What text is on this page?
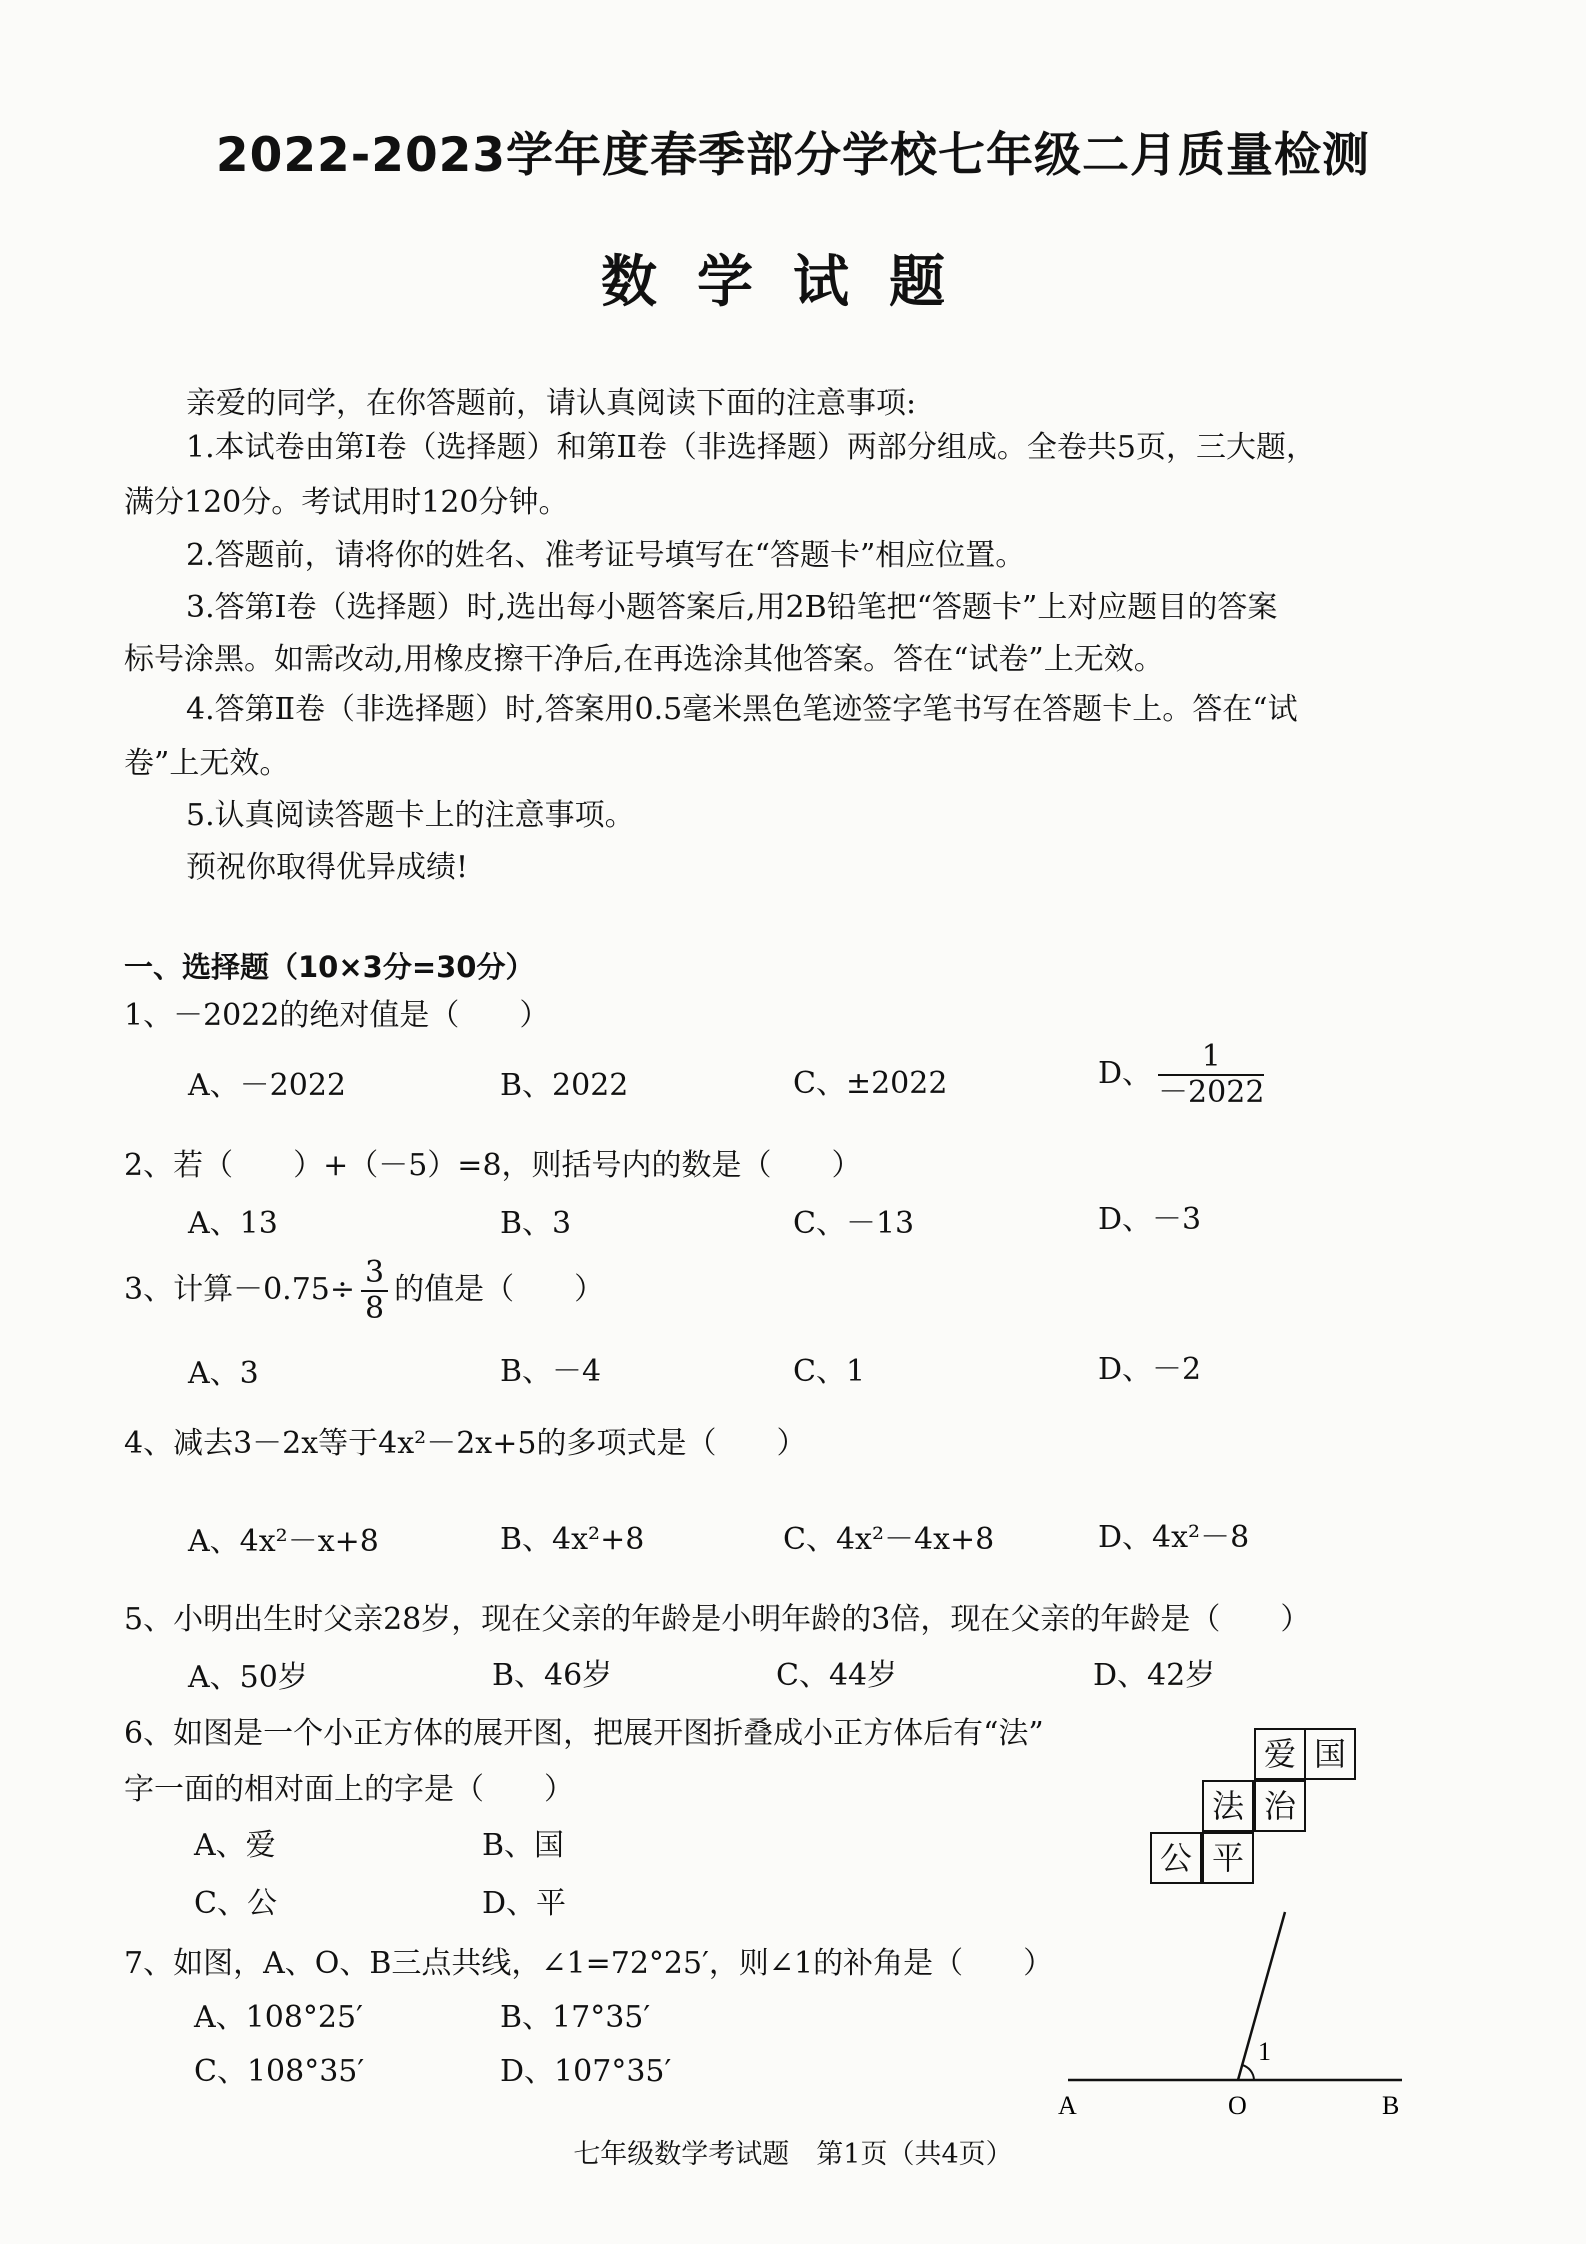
2022-2023学年度春季部分学校七年级二月质量检测
数学试题
亲爱的同学，在你答题前，请认真阅读下面的注意事项:
1.本试卷由第Ⅰ卷（选择题）和第Ⅱ卷（非选择题）两部分组成。全卷共5页，三大题，
满分120分。考试用时120分钟。
2.答题前，请将你的姓名、准考证号填写在“答题卡”相应位置。
3.答第Ⅰ卷（选择题）时,选出每小题答案后,用2B铅笔把“答题卡”上对应题目的答案
标号涂黑。如需改动,用橡皮擦干净后,在再选涂其他答案。答在“试卷”上无效。
4.答第Ⅱ卷（非选择题）时,答案用0.5毫米黑色笔迹签字笔书写在答题卡上。答在“试
卷”上无效。
5.认真阅读答题卡上的注意事项。
预祝你取得优异成绩!
一、选择题（10×3分=30分）
1、－2022的绝对值是（　　）
A、－2022	B、2022	C、±2022	D、 $\frac{1}{-2022}$
2、若（　　）+（－5）=8，则括号内的数是（　　）
A、13	B、3	C、－13	D、－3
3、计算$-0.75\div \frac{3}{8}$ 的值是（　　）
A、3	B、－4	C、1	D、－2
4、减去3－2x等于4x²－2x+5的多项式是（　　）
A、4x²－x+8	B、4x²+8	C、4x²－4x+8	D、4x²－8
5、小明出生时父亲28岁，现在父亲的年龄是小明年龄的3倍，现在父亲的年龄是（　　）
A、50岁	B、46岁	C、44岁	D、42岁
6、如图是一个小正方体的展开图，把展开图折叠成小正方体后有“法”
字一面的相对面上的字是（　　）
A、爱	B、国
C、公	D、平
爱 国
法 治
公 平
7、如图，A、O、B三点共线，∠1=72°25′，则∠1的补角是（　　）
A、108°25′	B、17°35′
C、108°35′	D、107°35′
1
A	O	B
七年级数学考试题　第1页（共4页）
